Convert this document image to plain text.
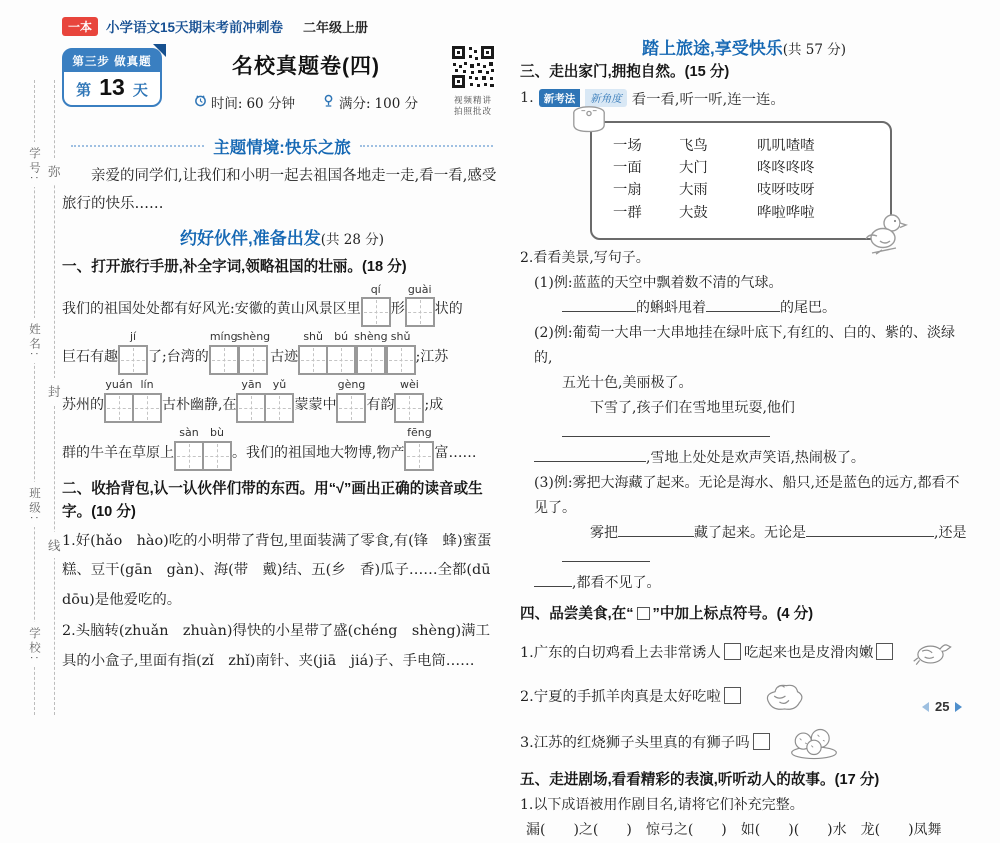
学号:
姓名:
班级:
学校:
弥
封
线
一本	小学语文15天期末考前冲刺卷 二年级上册
第三步 做真题
第 13 天
名校真题卷(四)
时间: 60 分钟	满分: 100 分	视频精讲
拍照批改
主题情境:快乐之旅
亲爱的同学们,让我们和小明一起去祖国各地走一走,看一看,感受旅行的快乐……
约好伙伴,准备出发(共 28 分)
一、打开旅行手册,补全字词,领略祖国的壮丽。(18 分)
我们的祖国处处都有好风光:安徽的黄山风景区里
qí
形
guài
状的
巨石有趣
jí
了;台湾的
míng shèng
古迹
shǔ bú shèng shǔ
;江苏
苏州的
yuán lín
古朴幽静,在
yān yǔ
蒙蒙中
gèng
有韵
wèi
;成
群的牛羊在草原上
sàn bù
。我们的祖国地大物博,物产
fēng
富……
二、收拾背包,认一认伙伴们带的东西。用“√”画出正确的读音或生字。(10 分)
1.好(hǎo　hào)吃的小明带了背包,里面装满了零食,有(锋　蜂)蜜蛋糕、豆干(gān　gàn)、海(带　戴)结、五(乡　香)瓜子……全都(dū　dōu)是他爱吃的。
2.头脑转(zhuǎn　zhuàn)得快的小星带了盛(chéng　shèng)满工具的小盒子,里面有指(zǐ　zhǐ)南针、夹(jiā　jiá)子、手电筒……
踏上旅途,享受快乐(共 57 分)
三、走出家门,拥抱自然。(15 分)
1. 新考法	新角度 看一看,听一听,连一连。
一场	飞鸟	叽叽喳喳
一面	大门	咚咚咚咚
一扇	大雨	吱呀吱呀
一群	大鼓	哗啦哗啦
2.看看美景,写句子。
(1)例:蓝蓝的天空中飘着数不清的气球。
　　的蝌蚪甩着	的尾巴。
(2)例:葡萄一大串一大串地挂在绿叶底下,有红的、白的、紫的、淡绿的,
五光十色,美丽极了。
　　下雪了,孩子们在雪地里玩耍,他们
,雪地上处处是欢声笑语,热闹极了。
(3)例:雾把大海藏了起来。无论是海水、船只,还是蓝色的远方,都看不见了。
　　雾把	藏了起来。无论是	,还是
,都看不见了。
四、品尝美食,在“ ”中加上标点符号。(4 分)
1.广东的白切鸡看上去非常诱人 吃起来也是皮滑肉嫩
2.宁夏的手抓羊肉真是太好吃啦
3.江苏的红烧狮子头里真的有狮子吗
五、走进剧场,看看精彩的表演,听听动人的故事。(17 分)
1.以下成语被用作剧目名,请将它们补充完整。
漏(　　)之(　　)　惊弓之(　　)　如(　　)(　　)水　龙(　　)凤舞
25
